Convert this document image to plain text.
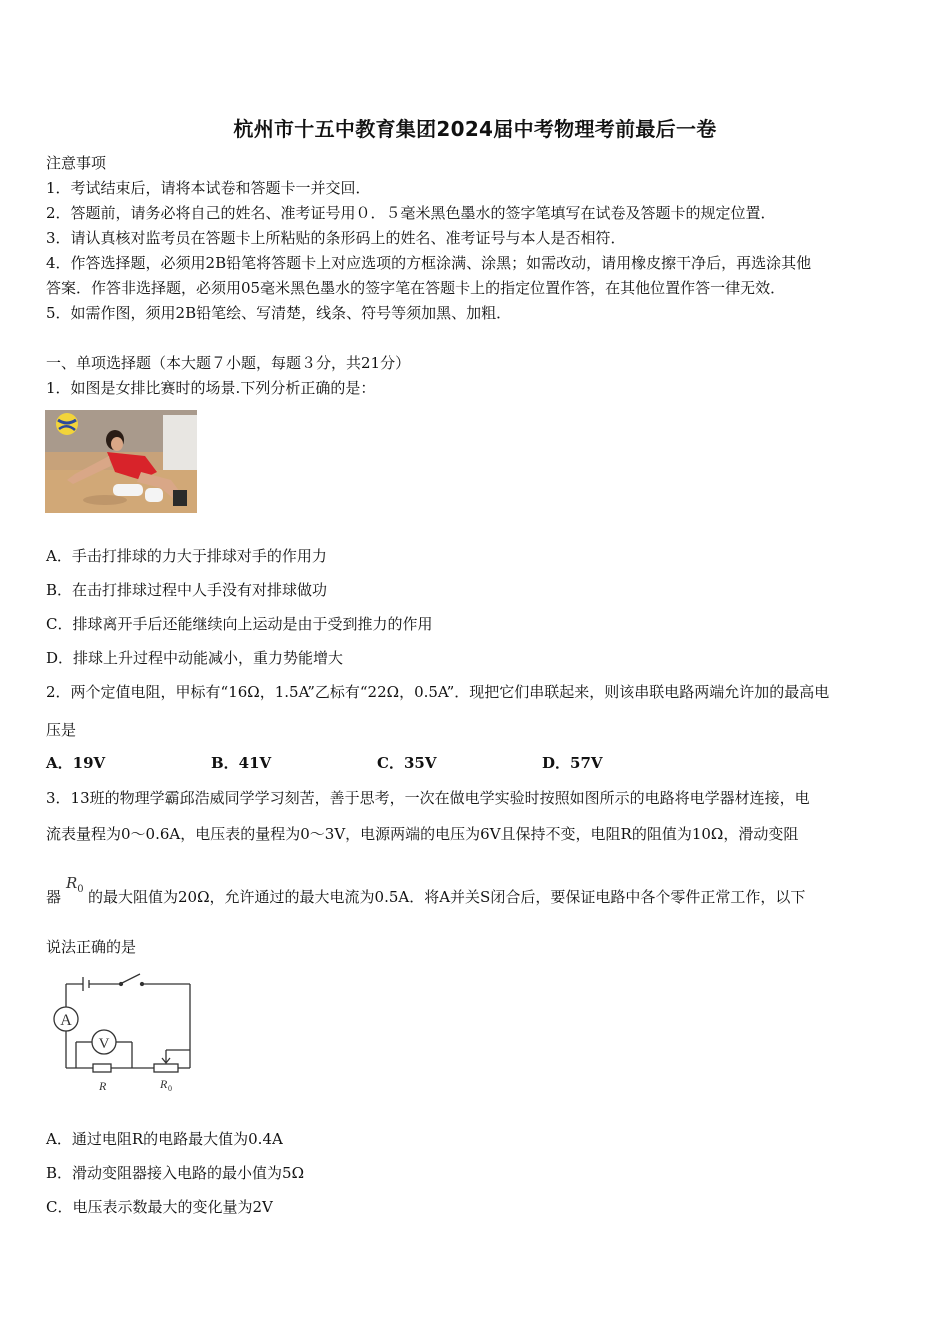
杭州市十五中教育集团2024届中考物理考前最后一卷
注意事项
1．考试结束后，请将本试卷和答题卡一并交回．
2．答题前，请务必将自己的姓名、准考证号用０．５毫米黑色墨水的签字笔填写在试卷及答题卡的规定位置．
3．请认真核对监考员在答题卡上所粘贴的条形码上的姓名、准考证号与本人是否相符．
4．作答选择题，必须用2B铅笔将答题卡上对应选项的方框涂满、涂黑；如需改动，请用橡皮擦干净后，再选涂其他
答案．作答非选择题，必须用05毫米黑色墨水的签字笔在答题卡上的指定位置作答，在其他位置作答一律无效．
5．如需作图，须用2B铅笔绘、写清楚，线条、符号等须加黑、加粗．
一、单项选择题（本大题７小题，每题３分，共21分）
1．如图是女排比赛时的场景.下列分析正确的是：
A．手击打排球的力大于排球对手的作用力
B．在击打排球过程中人手没有对排球做功
C．排球离开手后还能继续向上运动是由于受到推力的作用
D．排球上升过程中动能减小，重力势能增大
2．两个定值电阻，甲标有“16Ω，1.5A”乙标有“22Ω，0.5A”．现把它们串联起来，则该串联电路两端允许加的最高电
压是
A．19V	B．41V	C．35V	D．57V
3．13班的物理学霸邱浩威同学学习刻苦，善于思考，一次在做电学实验时按照如图所示的电路将电学器材连接，电
流表量程为0～0.6A，电压表的量程为0～3V，电源两端的电压为6V且保持不变，电阻R的阻值为10Ω，滑动变阻
器
$R_0$ 的最大阻值为20Ω，允许通过的最大电流为0.5A．将A并关S闭合后，要保证电路中各个零件正常工作，以下
说法正确的是
A
V
R	R 0
A．通过电阻R的电路最大值为0.4A
B．滑动变阻器接入电路的最小值为5Ω
C．电压表示数最大的变化量为2V
